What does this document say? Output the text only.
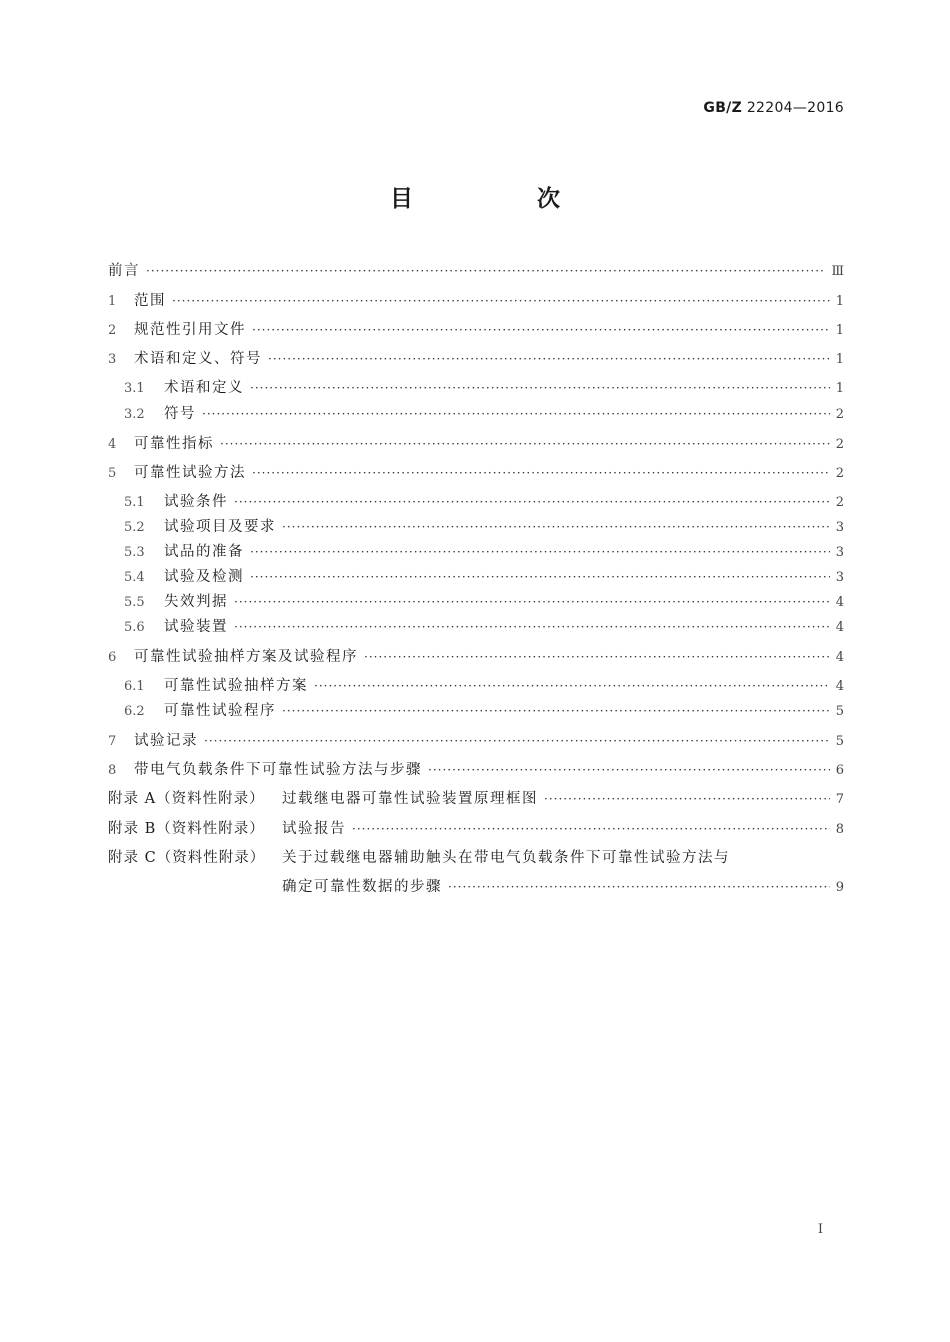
GB/Z 22204—2016
目 次
前言 ·····	Ⅲ
1	范围 ·····	1
2	规范性引用文件 ·····	1
3	术语和定义、符号 ·····	1
3.1	术语和定义 ·····	1
3.2	符号 ·····	2
4	可靠性指标 ·····	2
5	可靠性试验方法 ·····	2
5.1	试验条件 ·····	2
5.2	试验项目及要求 ·····	3
5.3	试品的准备 ·····	3
5.4	试验及检测 ·····	3
5.5	失效判据 ·····	4
5.6	试验装置 ·····	4
6	可靠性试验抽样方案及试验程序 ·····	4
6.1	可靠性试验抽样方案 ·····	4
6.2	可靠性试验程序 ·····	5
7	试验记录 ·····	5
8	带电气负载条件下可靠性试验方法与步骤 ·····	6
附录 A（资料性附录）	过载继电器可靠性试验装置原理框图 ·····	7
附录 B（资料性附录）	试验报告 ·····	8
附录 C（资料性附录）	关于过载继电器辅助触头在带电气负载条件下可靠性试验方法与
确定可靠性数据的步骤 ·····	9
Ⅰ
